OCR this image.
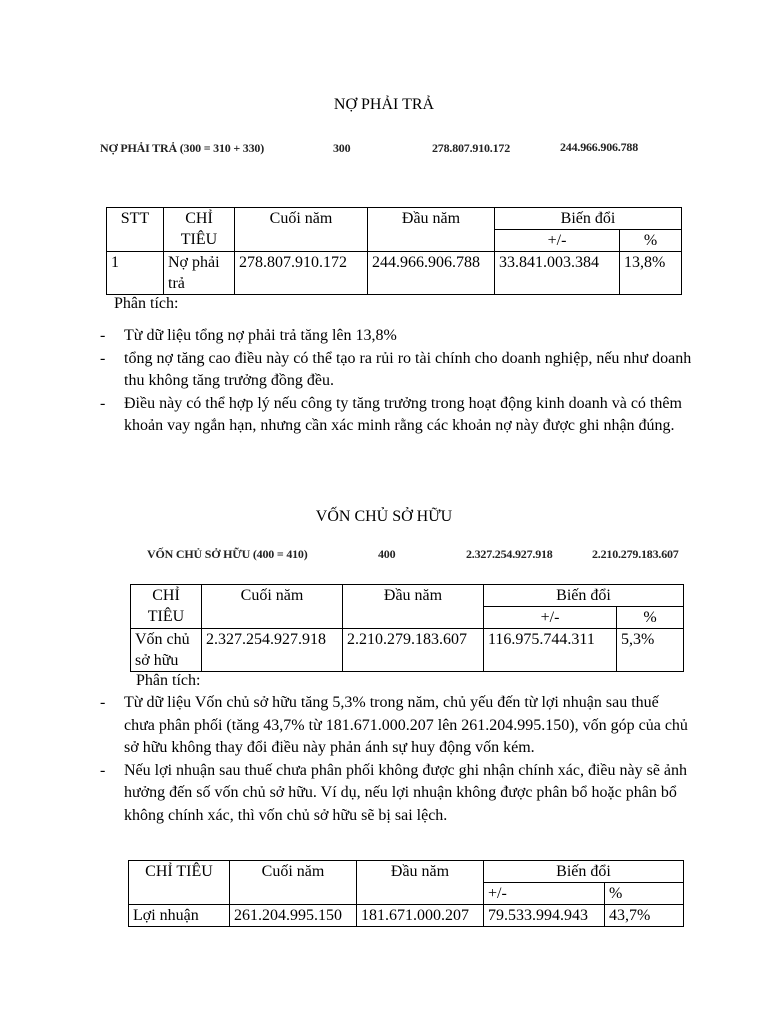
NỢ PHẢI TRẢ
NỢ PHẢI TRẢ (300 = 310 + 330)	300	278.807.910.172	244.966.906.788
STT	CHỈ TIÊU	Cuối năm	Đầu năm	Biến đổi	
				+/-	%
1	Nợ phải trả	278.807.910.172	244.966.906.788	33.841.003.384	13,8%
Phân tích:
- Từ dữ liệu tổng nợ phải trả tăng lên 13,8%
- tổng nợ tăng cao điều này có thể tạo ra rủi ro tài chính cho doanh nghiệp, nếu như doanh thu không tăng trưởng đồng đều.
- Điều này có thể hợp lý nếu công ty tăng trưởng trong hoạt động kinh doanh và có thêm khoản vay ngắn hạn, nhưng cần xác minh rằng các khoản nợ này được ghi nhận đúng.
VỐN CHỦ SỞ HỮU
VỐN CHỦ SỞ HỮU (400 = 410)	400	2.327.254.927.918	2.210.279.183.607
CHỈ TIÊU	Cuối năm	Đầu năm	Biến đổi	
			+/-	%
Vốn chủ sở hữu	2.327.254.927.918	2.210.279.183.607	116.975.744.311	5,3%
Phân tích:
- Từ dữ liệu Vốn chủ sở hữu tăng 5,3% trong năm, chủ yếu đến từ lợi nhuận sau thuế chưa phân phối (tăng 43,7% từ 181.671.000.207 lên 261.204.995.150), vốn góp của chủ sở hữu không thay đổi điều này phản ánh sự huy động vốn kém.
- Nếu lợi nhuận sau thuế chưa phân phối không được ghi nhận chính xác, điều này sẽ ảnh hưởng đến số vốn chủ sở hữu. Ví dụ, nếu lợi nhuận không được phân bổ hoặc phân bổ không chính xác, thì vốn chủ sở hữu sẽ bị sai lệch.
CHỈ TIÊU	Cuối năm	Đầu năm	Biến đổi	
			+/-	%
Lợi nhuận	261.204.995.150	181.671.000.207	79.533.994.943	43,7%
